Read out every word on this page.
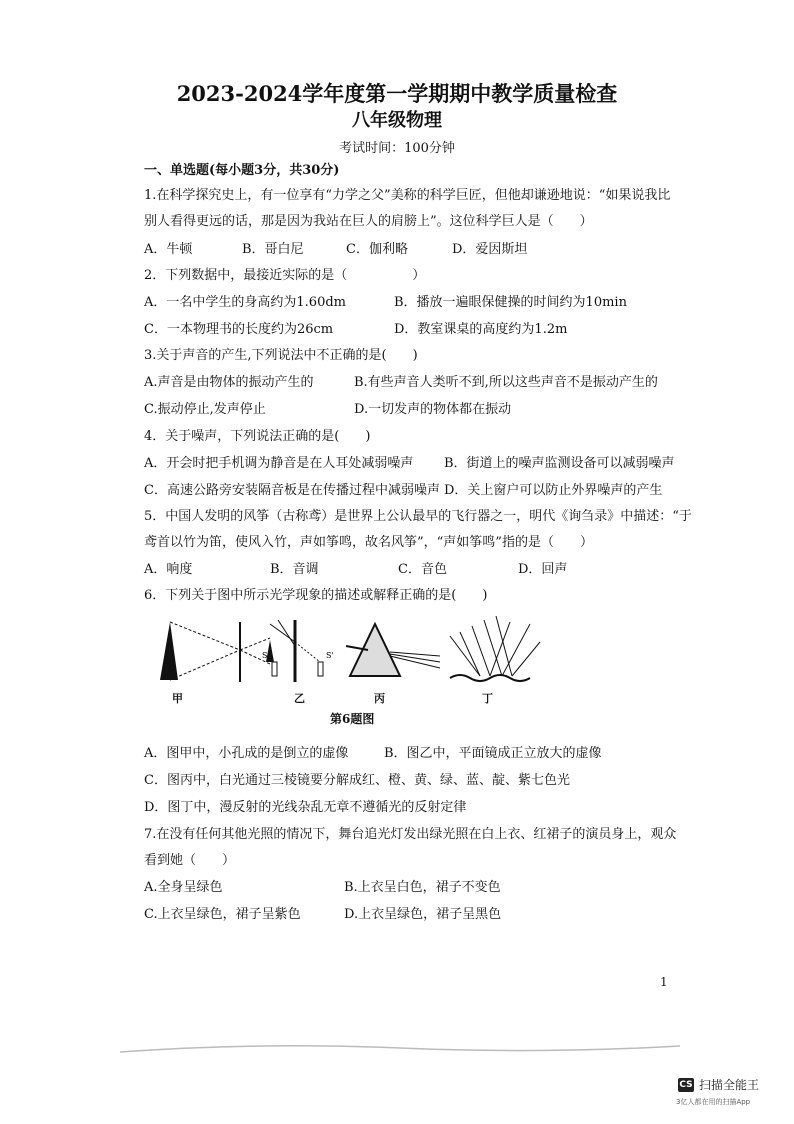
2023-2024学年度第一学期期中教学质量检查
八年级物理
考试时间：100分钟
一、单选题(每小题3分，共30分)
1.在科学探究史上，有一位享有“力学之父”美称的科学巨匠，但他却谦逊地说：“如果说我比
别人看得更远的话，那是因为我站在巨人的肩膀上”。这位科学巨人是（　　）
A．牛顿	B．哥白尼	C．伽利略	D．爱因斯坦
2．下列数据中，最接近实际的是（　　　　　）
A．一名中学生的身高约为1.60dm	B．播放一遍眼保健操的时间约为10min
C．一本物理书的长度约为26cm	D．教室课桌的高度约为1.2m
3.关于声音的产生,下列说法中不正确的是(　　)
A.声音是由物体的振动产生的	B.有些声音人类听不到,所以这些声音不是振动产生的
C.振动停止,发声停止	D.一切发声的物体都在振动
4．关于噪声，下列说法正确的是(　　)
A．开会时把手机调为静音是在人耳处减弱噪声 B．街道上的噪声监测设备可以减弱噪声
C．高速公路旁安装隔音板是在传播过程中减弱噪声 D．关上窗户可以防止外界噪声的产生
5．中国人发明的风筝（古称鸢）是世界上公认最早的飞行器之一，明代《询刍录》中描述：“于
鸢首以竹为笛，使风入竹，声如筝鸣，故名风筝”，“声如筝鸣”指的是（　　）
A．响度	B．音调	C．音色	D．回声
6．下列关于图中所示光学现象的描述或解释正确的是(　　)
S	S'
甲	乙	丙	丁
第6题图
A．图甲中，小孔成的是倒立的虚像	B．图乙中，平面镜成正立放大的虚像
C．图丙中，白光通过三棱镜要分解成红、橙、黄、绿、蓝、靛、紫七色光
D．图丁中，漫反射的光线杂乱无章不遵循光的反射定律
7.在没有任何其他光照的情况下，舞台追光灯发出绿光照在白上衣、红裙子的演员身上，观众
看到她（　　）
A.全身呈绿色	B.上衣呈白色，裙子不变色
C.上衣呈绿色，裙子呈紫色	D.上衣呈绿色，裙子呈黑色
1
CS 扫描全能王
3亿人都在用的扫描App
